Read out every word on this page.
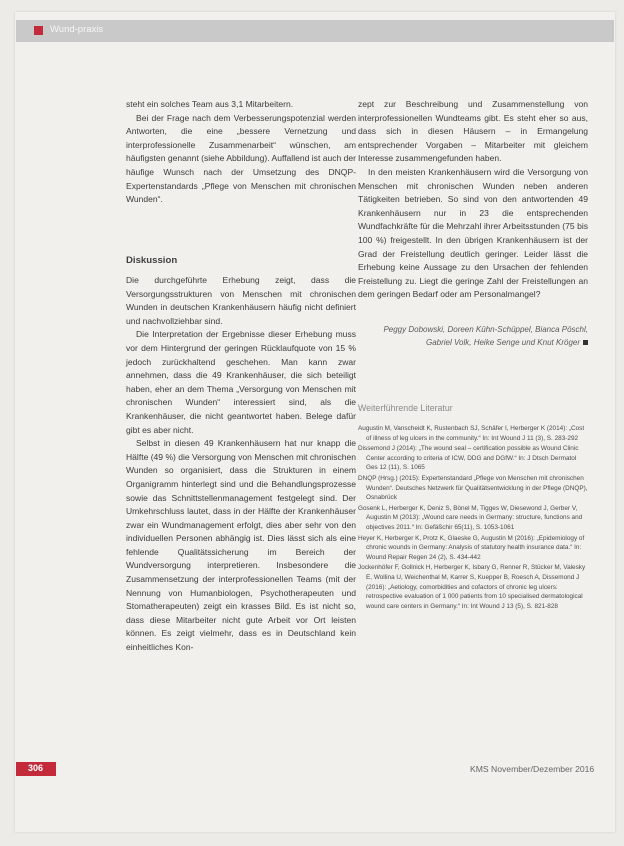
Wund-praxis

steht ein solches Team aus 3,1 Mitarbeitern.

Bei der Frage nach dem Verbesserungspotenzial werden Antworten, die eine „bessere Vernetzung und interprofessionelle Zusammenarbeit“ wünschen, am häufigsten genannt (siehe Abbildung). Auffallend ist auch der häufige Wunsch nach der Umsetzung des DNQP-Expertenstandards „Pflege von Menschen mit chronischen Wunden“.

Diskussion

Die durchgeführte Erhebung zeigt, dass die Versorgungsstrukturen von Menschen mit chronischen Wunden in deutschen Krankenhäusern häufig nicht definiert und nachvollziehbar sind.

Die Interpretation der Ergebnisse dieser Erhebung muss vor dem Hintergrund der geringen Rücklaufquote von 15 % jedoch zurückhaltend geschehen. Man kann zwar annehmen, dass die 49 Krankenhäuser, die sich beteiligt haben, eher an dem Thema „Versorgung von Menschen mit chronischen Wunden“ interessiert sind, als die Krankenhäuser, die nicht geantwortet haben. Belege dafür gibt es aber nicht.

Selbst in diesen 49 Krankenhäusern hat nur knapp die Hälfte (49 %) die Versorgung von Menschen mit chronischen Wunden so organisiert, dass die Strukturen in einem Organigramm hinterlegt sind und die Behandlungsprozesse sowie das Schnittstellenmanagement festgelegt sind. Der Umkehrschluss lautet, dass in der Hälfte der Krankenhäuser zwar ein Wundmanagement erfolgt, dies aber sehr von den individuellen Personen abhängig ist. Dies lässt sich als eine fehlende Qualitätssicherung im Bereich der Wundversorgung interpretieren. Insbesondere die Zusammensetzung der interprofessionellen Teams (mit der Nennung von Humanbiologen, Psychotherapeuten und Stomatherapeuten) zeigt ein krasses Bild. Es ist nicht so, dass diese Mitarbeiter nicht gute Arbeit vor Ort leisten können. Es zeigt vielmehr, dass es in Deutschland kein einheitliches Kon-

zept zur Beschreibung und Zusammenstellung von interprofessionellen Wundteams gibt. Es steht eher so aus, dass sich in diesen Häusern – in Ermangelung entsprechender Vorgaben – Mitarbeiter mit gleichem Interesse zusammengefunden haben.

In den meisten Krankenhäusern wird die Versorgung von Menschen mit chronischen Wunden neben anderen Tätigkeiten betrieben. So sind von den antwortenden 49 Krankenhäusern nur in 23 die entsprechenden Wundfachkräfte für die Mehrzahl ihrer Arbeitsstunden (75 bis 100 %) freigestellt. In den übrigen Krankenhäusern ist der Grad der Freistellung deutlich geringer. Leider lässt die Erhebung keine Aussage zu den Ursachen der fehlenden Freistellung zu. Liegt die geringe Zahl der Freistellungen an dem geringen Bedarf oder am Personalmangel?

Peggy Dobowski, Doreen Kühn-Schüppel, Bianca Pöschl,
Gabriel Volk, Heike Senge und Knut Kröger
Weiterführende Literatur

Augustin M, Vanscheidt K, Rustenbach SJ, Schäfer I, Herberger K (2014): „Cost of illness of leg ulcers in the community.“ In: Int Wound J 11 (3), S. 283-292

Dissemond J (2014): „The wound seal – certification possible as Wound Clinic Center according to criteria of ICW, DDG and DGfW.“ In: J Dtsch Dermatol Ges 12 (11), S. 1065

DNQP (Hrsg.) (2015): Expertenstandard „Pflege von Menschen mit chronischen Wunden“. Deutsches Netzwerk für Qualitätsentwicklung in der Pflege (DNQP), Osnabrück

Gosenk L, Herberger K, Deniz S, Bönel M, Tigges W, Diesewond J, Gerber V, Augustin M (2013): „Wound care needs in Germany: structure, functions and objectives 2011.“ In: Gefäßchir 65(11), S. 1053-1061

Heyer K, Herberger K, Protz K, Glaeske G, Augustin M (2016): „Epidemiology of chronic wounds in Germany: Analysis of statutory health insurance data.“ In: Wound Repair Regen 24 (2), S. 434-442

Jockenhöfer F, Gollnick H, Herberger K, Isbary G, Renner R, Stücker M, Valesky E, Wollina U, Weichenthal M, Karrer S, Kuepper B, Roesch A, Dissemond J (2016): „Aetiology, comorbidities and cofactors of chronic leg ulcers: retrospective evaluation of 1 000 patients from 10 specialised dermatological wound care centers in Germany.“ In: Int Wound J 13 (5), S. 821-828

306	KMS November/Dezember 2016
